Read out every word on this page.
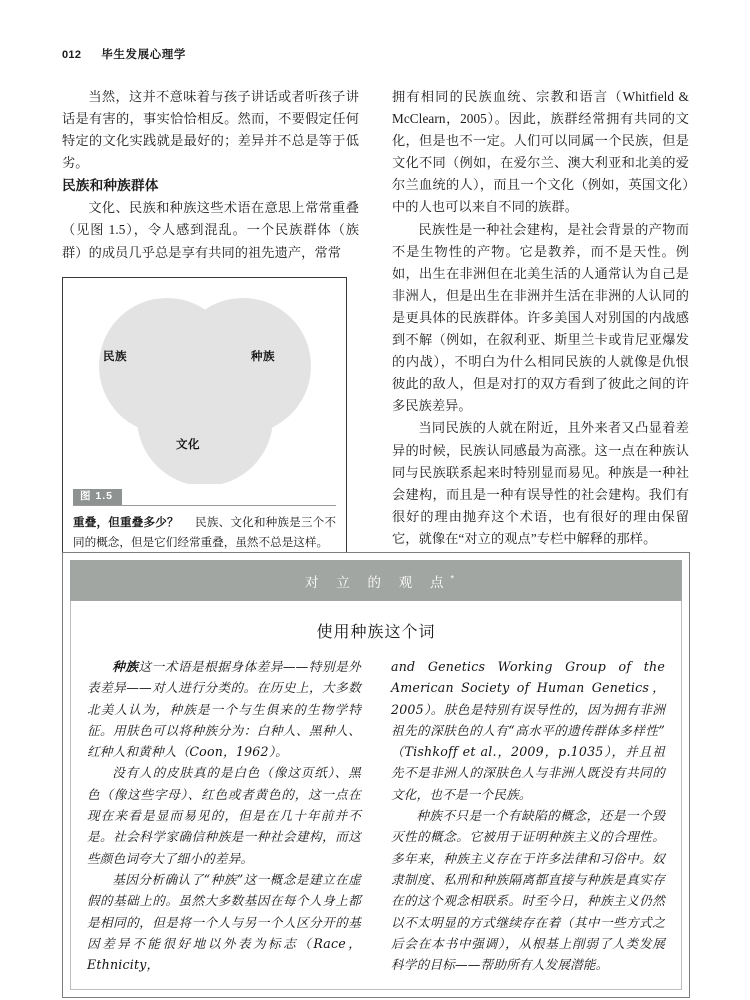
012 毕生发展心理学

当然，这并不意味着与孩子讲话或者听孩子讲话是有害的，事实恰恰相反。然而，不要假定任何特定的文化实践就是最好的；差异并不总是等于低劣。

民族和种族群体

文化、民族和种族这些术语在意思上常常重叠（见图 1.5），令人感到混乱。一个民族群体（族群）的成员几乎总是享有共同的祖先遗产，常常

民族	种族
文化
图 1.5
重叠，但重叠多少？ 民族、文化和种族是三个不同的概念，但是它们经常重叠，虽然不总是这样。

拥有相同的民族血统、宗教和语言（Whitfield & McClearn，2005）。因此，族群经常拥有共同的文化，但是也不一定。人们可以同属一个民族，但是文化不同（例如，在爱尔兰、澳大利亚和北美的爱尔兰血统的人），而且一个文化（例如，英国文化）中的人也可以来自不同的族群。

民族性是一种社会建构，是社会背景的产物而不是生物性的产物。它是教养，而不是天性。例如，出生在非洲但在北美生活的人通常认为自己是非洲人，但是出生在非洲并生活在非洲的人认同的是更具体的民族群体。许多美国人对别国的内战感到不解（例如，在叙利亚、斯里兰卡或肯尼亚爆发的内战），不明白为什么相同民族的人就像是仇恨彼此的敌人，但是对打的双方看到了彼此之间的许多民族差异。

当同民族的人就在附近，且外来者又凸显着差异的时候，民族认同感最为高涨。这一点在种族认同与民族联系起来时特别显而易见。种族是一种社会建构，而且是一种有误导性的社会建构。我们有很好的理由抛弃这个术语，也有很好的理由保留它，就像在“对立的观点”专栏中解释的那样。

对 立 的 观 点*
使用种族这个词

种族这一术语是根据身体差异——特别是外表差异——对人进行分类的。在历史上，大多数北美人认为，种族是一个与生俱来的生物学特征。用肤色可以将种族分为：白种人、黑种人、红种人和黄种人（Coon，1962）。

没有人的皮肤真的是白色（像这页纸）、黑色（像这些字母）、红色或者黄色的，这一点在现在来看是显而易见的，但是在几十年前并不是。社会科学家确信种族是一种社会建构，而这些颜色词夸大了细小的差异。

基因分析确认了“种族”这一概念是建立在虚假的基础上的。虽然大多数基因在每个人身上都是相同的，但是将一个人与另一个人区分开的基因差异不能很好地以外表为标志（Race，Ethnicity，

and Genetics Working Group of the American Society of Human Genetics，2005）。肤色是特别有误导性的，因为拥有非洲祖先的深肤色的人有“高水平的遗传群体多样性”（Tishkoff et al.，2009，p.1035），并且祖先不是非洲人的深肤色人与非洲人既没有共同的文化，也不是一个民族。

种族不只是一个有缺陷的概念，还是一个毁灭性的概念。它被用于证明种族主义的合理性。多年来，种族主义存在于许多法律和习俗中。奴隶制度、私刑和种族隔离都直接与种族是真实存在的这个观念相联系。时至今日，种族主义仍然以不太明显的方式继续存在着（其中一些方式之后会在本书中强调），从根基上削弱了人类发展科学的目标——帮助所有人发展潜能。
